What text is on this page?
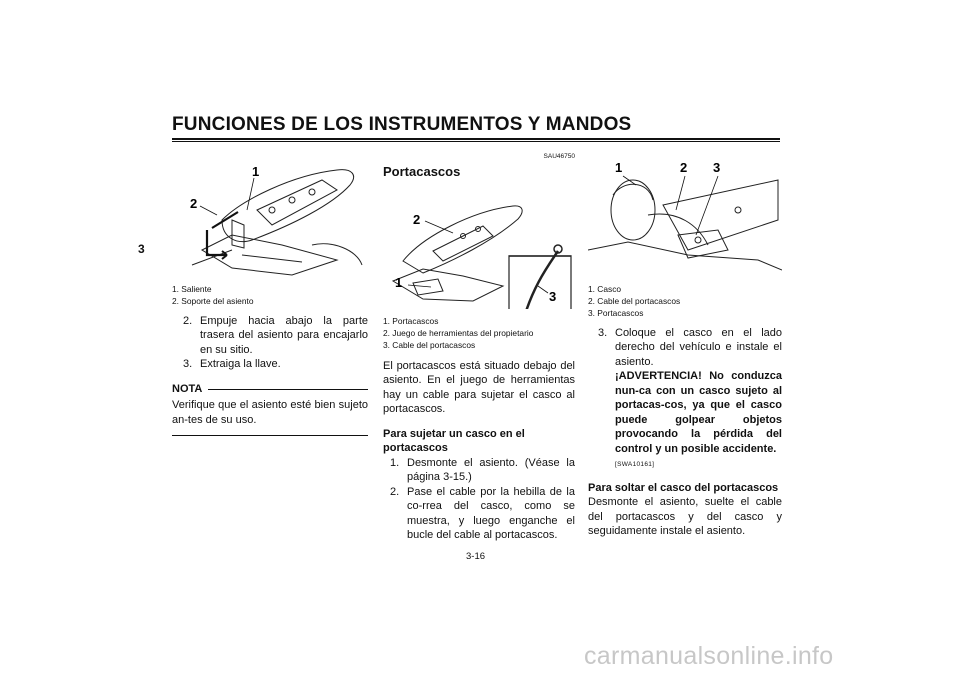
FUNCIONES DE LOS INSTRUMENTOS Y MANDOS
3
1
2
1. Saliente
2. Soporte del asiento
2. Empuje hacia abajo la parte trasera del asiento para encajarlo en su sitio.
3. Extraiga la llave.
NOTA
Verifique que el asiento esté bien sujeto an-tes de su uso.
SAU46750
Portacascos
2
1
3
1. Portacascos
2. Juego de herramientas del propietario
3. Cable del portacascos
El portacascos está situado debajo del asiento. En el juego de herramientas hay un cable para sujetar el casco al portacascos.
Para sujetar un casco en el portacascos
1. Desmonte el asiento. (Véase la página 3-15.)
2. Pase el cable por la hebilla de la co-rrea del casco, como se muestra, y luego enganche el bucle del cable al portacascos.
1	2 3
1. Casco
2. Cable del portacascos
3. Portacascos
3. Coloque el casco en el lado derecho del vehículo e instale el asiento.
¡ADVERTENCIA! No conduzca nun-ca con un casco sujeto al portacas-cos, ya que el casco puede golpear objetos provocando la pérdida del control y un posible accidente.
[SWA10161]
Para soltar el casco del portacascos
Desmonte el asiento, suelte el cable del portacascos y del casco y seguidamente instale el asiento.
3-16
carmanualsonline.info
